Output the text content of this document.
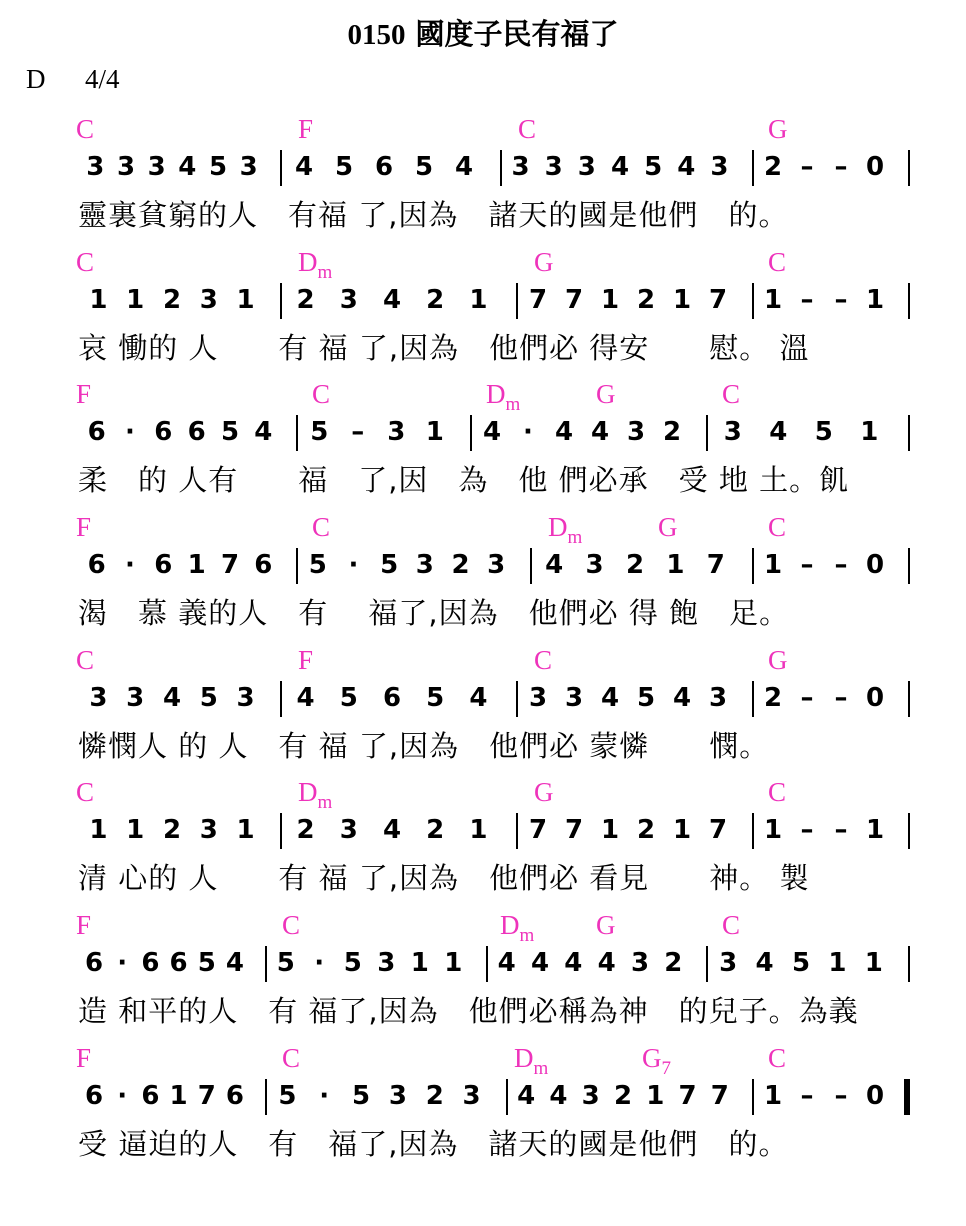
0150 國度子民有福了
D 4/4
C	F	C	G
3 3 3 4 5 3 4 5 6 5 4 3 3 3 4 5 4 3 2 – – 0
靈裏貧窮的人　有福 了,因為　諸天的國是他們　的。
C	$D_m$	G	C
1 1 2 3 1 2 3 4 2 1 7 7 1 2 1 7 1 – – 1
哀 慟的 人　　有 福 了,因為　他們必 得安　　慰。 溫
F	C	$D_m$	G	C
6 · 6 6 5 4 5 – 3 1 4 · 4 4 3 2 3 4 5 1
柔　的 人有　　福　了,因　為　他 們必承　受 地 土。飢
F	C	$D_m$	G	C
6 · 6 1 7 6 5 · 5 3 2 3 4 3 2 1 7 1 – – 0
渴　慕 義的人　有　 福了,因為　他們必 得 飽　足。
C	F	C	G
3 3 4 5 3 4 5 6 5 4 3 3 4 5 4 3 2 – – 0
憐憫人 的 人　有 福 了,因為　他們必 蒙憐　　憫。
C	$D_m$	G	C
1 1 2 3 1 2 3 4 2 1 7 7 1 2 1 7 1 – – 1
清 心的 人　　有 福 了,因為　他們必 看見　　神。 製
F	C	$D_m$ G	C
6 · 6 6 5 4 5 · 5 3 1 1 4 4 4 4 3 2 3 4 5 1 1
造 和平的人　有 福了,因為　他們必稱為神　的兒子。為義
F	C	$D_m$	$G_7$	C
6 · 6 1 7 6 5 · 5 3 2 3 4 4 3 2 1 7 7 1 – – 0
受 逼迫的人　有　福了,因為　諸天的國是他們　的。
